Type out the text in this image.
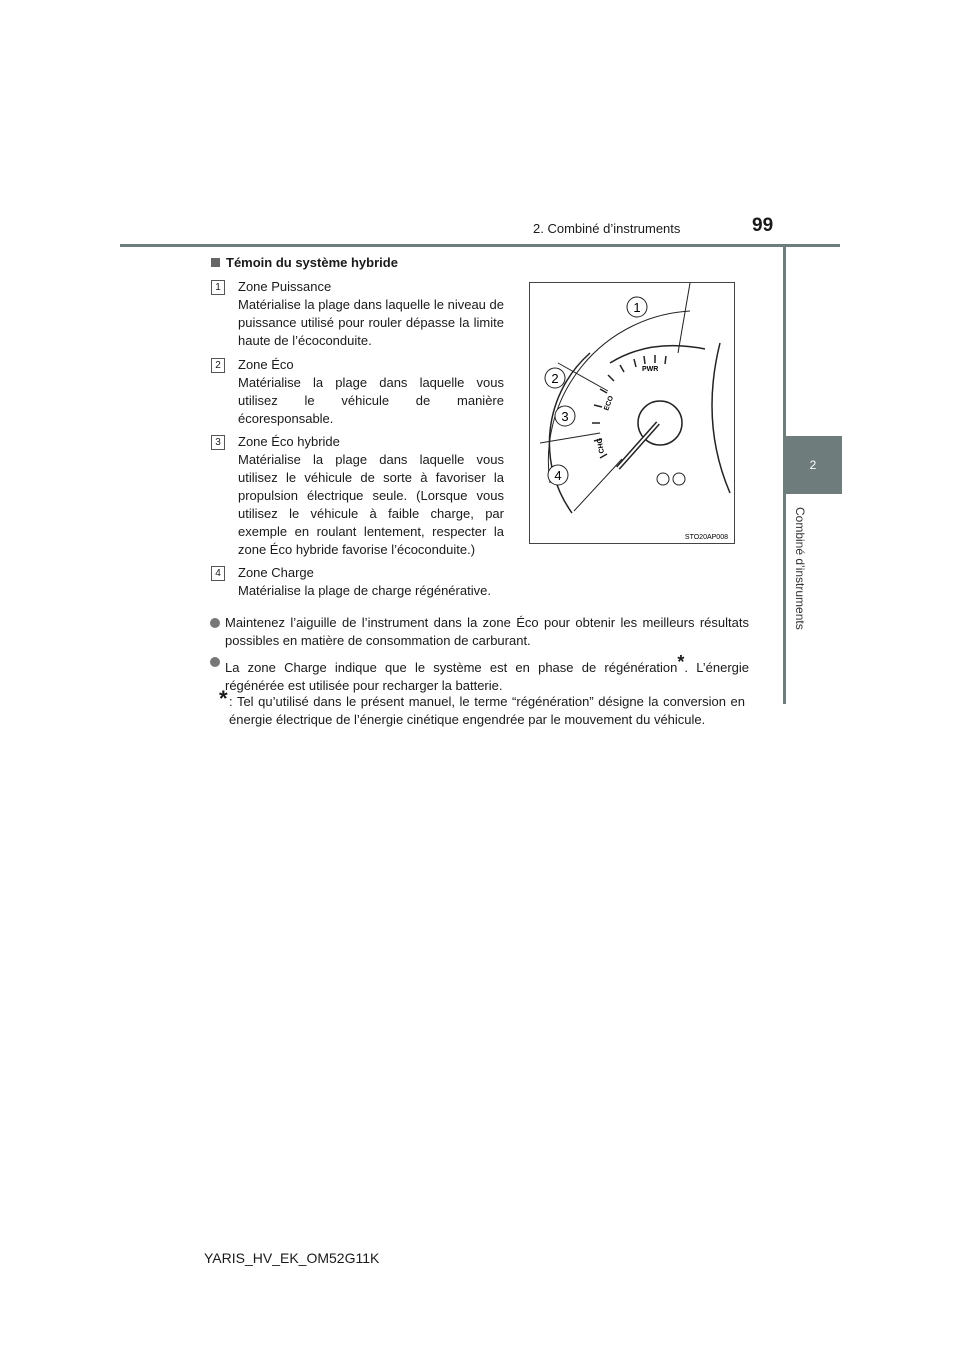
2. Combiné d’instruments	99
2
Combiné d’instruments
Témoin du système hybride
1	Zone Puissance
Matérialise la plage dans laquelle le niveau de puissance utilisé pour rouler dépasse la limite haute de l’écoconduite.
2	Zone Éco
Matérialise la plage dans laquelle vous utilisez le véhicule de manière écoresponsable.
3	Zone Éco hybride
Matérialise la plage dans laquelle vous utilisez le véhicule de sorte à favoriser la propulsion électrique seule. (Lorsque vous utilisez le véhicule à faible charge, par exemple en roulant lentement, respecter la zone Éco hybride favorise l’écoconduite.)
4	Zone Charge
Matérialise la plage de charge régénérative.
PWR
ECO
CHG
1
2
3
4
STO20AP008
Maintenez l’aiguille de l’instrument dans la zone Éco pour obtenir les meilleurs résultats possibles en matière de consommation de carburant.
La zone Charge indique que le système est en phase de régénération*. L’énergie régénérée est utilisée pour recharger la batterie.
* : Tel qu’utilisé dans le présent manuel, le terme “régénération” désigne la conversion en énergie électrique de l’énergie cinétique engendrée par le mouvement du véhicule.
YARIS_HV_EK_OM52G11K
